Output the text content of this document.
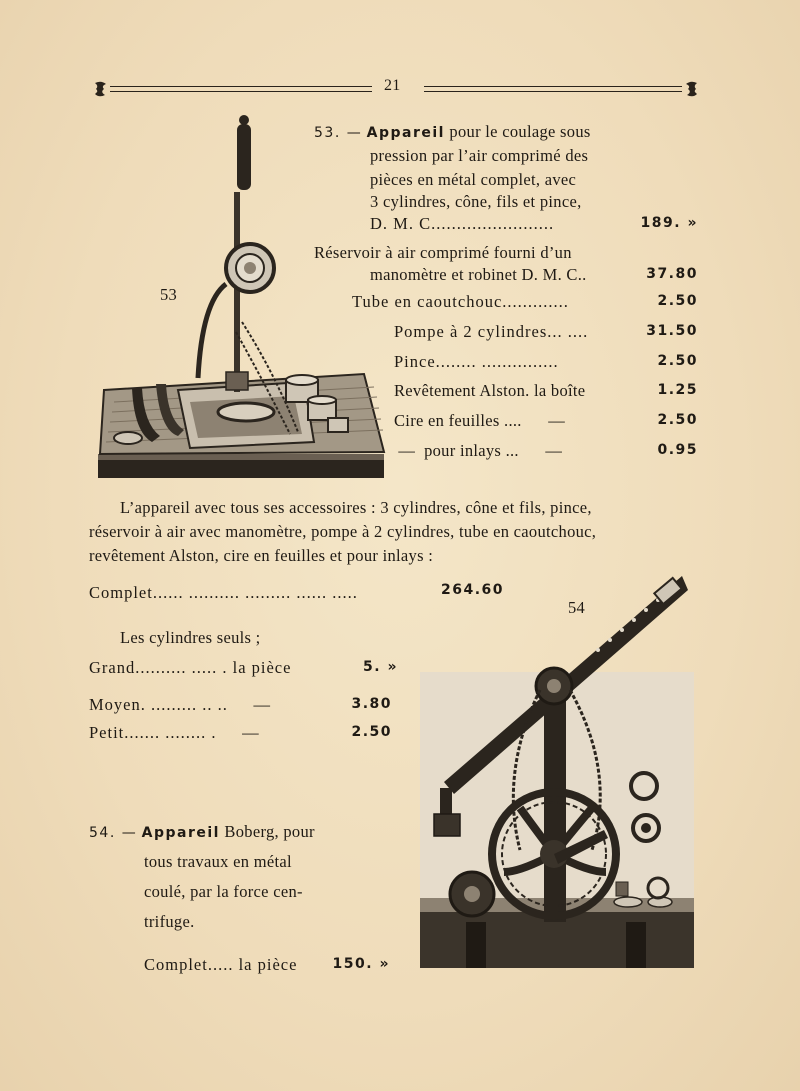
21
53
53. — Appareil pour le coulage sous
pression par l’air comprimé des
pièces en métal complet, avec
3 cylindres, cône, fils et pince,
D. M. C........................	189. »
Réservoir à air comprimé fourni d’un
manomètre et robinet D. M. C..	37.80
Tube en caoutchouc.............	2.50
Pompe à 2 cylindres... ....	31.50
Pince........ ...............	2.50
Revêtement Alston. la boîte	1.25
Cire en feuilles ....      —	2.50
—  pour inlays ...      —	0.95
L’appareil avec tous ses accessoires : 3 cylindres, cône et fils, pince,
réservoir à air avec manomètre, pompe à 2 cylindres, tube en caoutchouc,
revêtement Alston, cire en feuilles et pour inlays :
Complet...... .......... ......... ...... .....	264.60
Les cylindres seuls ;
Grand.......... ..... . la pièce	5. »
Moyen. ......... .. ..     —	3.80
Petit....... ........ .     —	2.50
54. — Appareil Boberg, pour
tous travaux en métal
coulé, par la force cen-
trifuge.
Complet..... la pièce	150. »
54
